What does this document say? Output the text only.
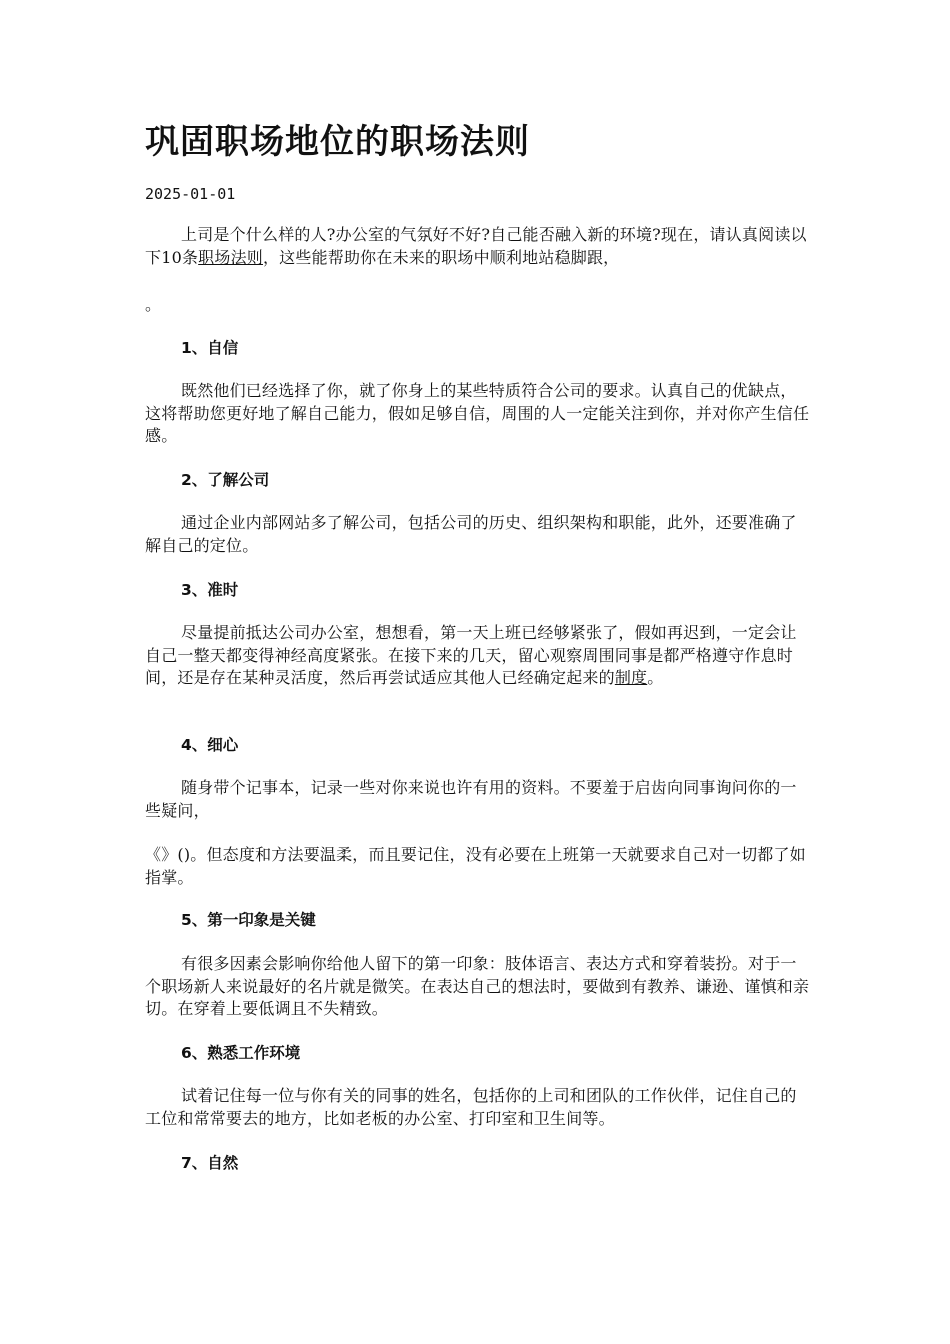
巩固职场地位的职场法则
2025-01-01

上司是个什么样的人?办公室的气氛好不好?自己能否融入新的环境?现在，请认真阅读以下10条职场法则，这些能帮助你在未来的职场中顺利地站稳脚跟，

。

1、自信

既然他们已经选择了你，就了你身上的某些特质符合公司的要求。认真自己的优缺点，这将帮助您更好地了解自己能力，假如足够自信，周围的人一定能关注到你，并对你产生信任感。

2、了解公司

通过企业内部网站多了解公司，包括公司的历史、组织架构和职能，此外，还要准确了解自己的定位。

3、准时

尽量提前抵达公司办公室，想想看，第一天上班已经够紧张了，假如再迟到，一定会让自己一整天都变得神经高度紧张。在接下来的几天，留心观察周围同事是都严格遵守作息时间，还是存在某种灵活度，然后再尝试适应其他人已经确定起来的制度。

4、细心

随身带个记事本，记录一些对你来说也许有用的资料。不要羞于启齿向同事询问你的一些疑问，

《》()。但态度和方法要温柔，而且要记住，没有必要在上班第一天就要求自己对一切都了如指掌。

5、第一印象是关键

有很多因素会影响你给他人留下的第一印象：肢体语言、表达方式和穿着装扮。对于一个职场新人来说最好的名片就是微笑。在表达自己的想法时，要做到有教养、谦逊、谨慎和亲切。在穿着上要低调且不失精致。

6、熟悉工作环境

试着记住每一位与你有关的同事的姓名，包括你的上司和团队的工作伙伴，记住自己的工位和常常要去的地方，比如老板的办公室、打印室和卫生间等。

7、自然
